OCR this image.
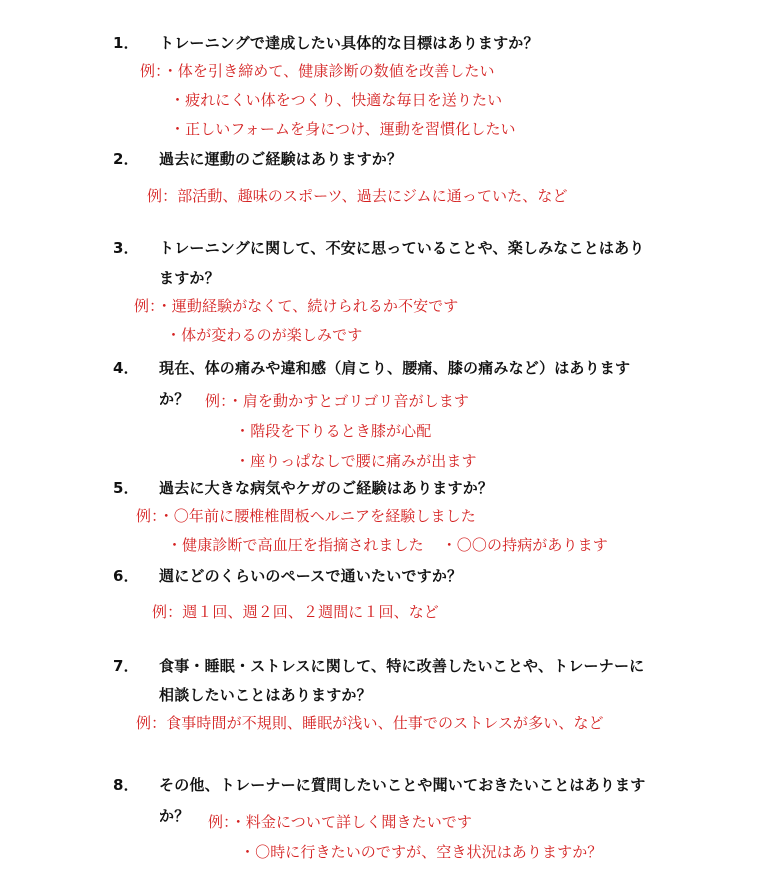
1． トレーニングで達成したい具体的な目標はありますか？
例：・体を引き締めて、健康診断の数値を改善したい
・疲れにくい体をつくり、快適な毎日を送りたい
・正しいフォームを身につけ、運動を習慣化したい
2． 過去に運動のご経験はありますか？
例：部活動、趣味のスポーツ、過去にジムに通っていた、など
3． トレーニングに関して、不安に思っていることや、楽しみなことはあり
ますか？
例：・運動経験がなくて、続けられるか不安です
・体が変わるのが楽しみです
4． 現在、体の痛みや違和感（肩こり、腰痛、膝の痛みなど）はあります
か？ 例：・肩を動かすとゴリゴリ音がします
・階段を下りるとき膝が心配
・座りっぱなしで腰に痛みが出ます
5． 過去に大きな病気やケガのご経験はありますか？
例：・〇年前に腰椎椎間板ヘルニアを経験しました
・健康診断で高血圧を指摘されました ・〇〇の持病があります
6． 週にどのくらいのペースで通いたいですか？
例：週１回、週２回、２週間に１回、など
7． 食事・睡眠・ストレスに関して、特に改善したいことや、トレーナーに
相談したいことはありますか？
例：食事時間が不規則、睡眠が浅い、仕事でのストレスが多い、など
8． その他、トレーナーに質問したいことや聞いておきたいことはあります
か？ 例：・料金について詳しく聞きたいです
・〇時に行きたいのですが、空き状況はありますか？
